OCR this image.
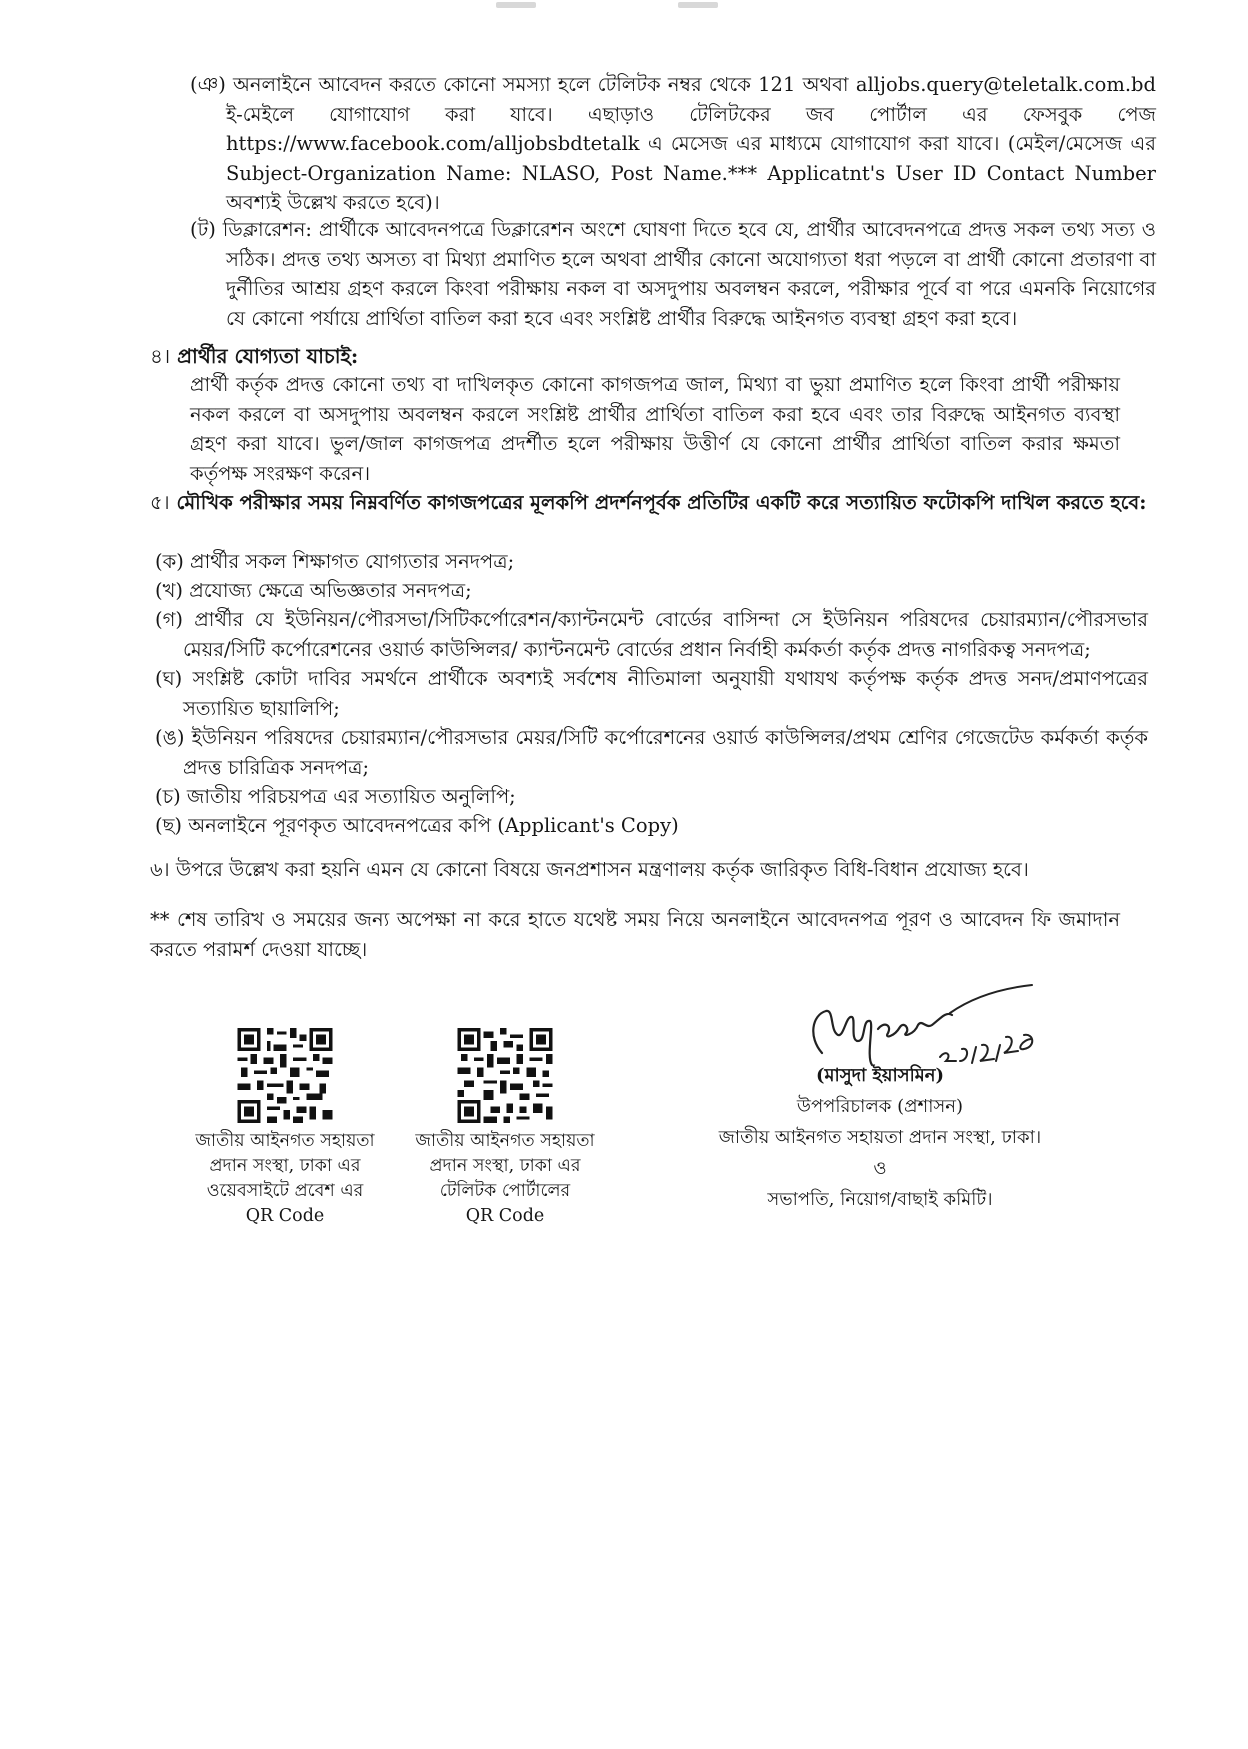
(ঞ) অনলাইনে আবেদন করতে কোনো সমস্যা হলে টেলিটক নম্বর থেকে 121 অথবা alljobs.query@teletalk.com.bd ই-মেইলে যোগাযোগ করা যাবে। এছাড়াও টেলিটকের জব পোর্টাল এর ফেসবুক পেজ https://www.facebook.com/alljobsbdtetalk এ মেসেজ এর মাধ্যমে যোগাযোগ করা যাবে। (মেইল/মেসেজ এর Subject-Organization Name: NLASO, Post Name.*** Applicatnt's User ID Contact Number অবশ্যই উল্লেখ করতে হবে)।

(ট) ডিক্লারেশন: প্রার্থীকে আবেদনপত্রে ডিক্লারেশন অংশে ঘোষণা দিতে হবে যে, প্রার্থীর আবেদনপত্রে প্রদত্ত সকল তথ্য সত্য ও সঠিক। প্রদত্ত তথ্য অসত্য বা মিথ্যা প্রমাণিত হলে অথবা প্রার্থীর কোনো অযোগ্যতা ধরা পড়লে বা প্রার্থী কোনো প্রতারণা বা দুর্নীতির আশ্রয় গ্রহণ করলে কিংবা পরীক্ষায় নকল বা অসদুপায় অবলম্বন করলে, পরীক্ষার পূর্বে বা পরে এমনকি নিয়োগের যে কোনো পর্যায়ে প্রার্থিতা বাতিল করা হবে এবং সংশ্লিষ্ট প্রার্থীর বিরুদ্ধে আইনগত ব্যবস্থা গ্রহণ করা হবে।

৪। প্রার্থীর যোগ্যতা যাচাই:

প্রার্থী কর্তৃক প্রদত্ত কোনো তথ্য বা দাখিলকৃত কোনো কাগজপত্র জাল, মিথ্যা বা ভুয়া প্রমাণিত হলে কিংবা প্রার্থী পরীক্ষায় নকল করলে বা অসদুপায় অবলম্বন করলে সংশ্লিষ্ট প্রার্থীর প্রার্থিতা বাতিল করা হবে এবং তার বিরুদ্ধে আইনগত ব্যবস্থা গ্রহণ করা যাবে। ভুল/জাল কাগজপত্র প্রদর্শীত হলে পরীক্ষায় উত্তীর্ণ যে কোনো প্রার্থীর প্রার্থিতা বাতিল করার ক্ষমতা কর্তৃপক্ষ সংরক্ষণ করেন।

৫। মৌখিক পরীক্ষার সময় নিম্নবর্ণিত কাগজপত্রের মূলকপি প্রদর্শনপূর্বক প্রতিটির একটি করে সত্যায়িত ফটোকপি দাখিল করতে হবে:

(ক) প্রার্থীর সকল শিক্ষাগত যোগ্যতার সনদপত্র;

(খ) প্রযোজ্য ক্ষেত্রে অভিজ্ঞতার সনদপত্র;

(গ) প্রার্থীর যে ইউনিয়ন/পৌরসভা/সিটিকর্পোরেশন/ক্যান্টনমেন্ট বোর্ডের বাসিন্দা সে ইউনিয়ন পরিষদের চেয়ারম্যান/পৌরসভার মেয়র/সিটি কর্পোরেশনের ওয়ার্ড কাউন্সিলর/ ক্যান্টনমেন্ট বোর্ডের প্রধান নির্বাহী কর্মকর্তা কর্তৃক প্রদত্ত নাগরিকত্ব সনদপত্র;

(ঘ) সংশ্লিষ্ট কোটা দাবির সমর্থনে প্রার্থীকে অবশ্যই সর্বশেষ নীতিমালা অনুযায়ী যথাযথ কর্তৃপক্ষ কর্তৃক প্রদত্ত সনদ/প্রমাণপত্রের সত্যায়িত ছায়ালিপি;

(ঙ) ইউনিয়ন পরিষদের চেয়ারম্যান/পৌরসভার মেয়র/সিটি কর্পোরেশনের ওয়ার্ড কাউন্সিলর/প্রথম শ্রেণির গেজেটেড কর্মকর্তা কর্তৃক প্রদত্ত চারিত্রিক সনদপত্র;

(চ) জাতীয় পরিচয়পত্র এর সত্যায়িত অনুলিপি;

(ছ) অনলাইনে পূরণকৃত আবেদনপত্রের কপি (Applicant's Copy)

৬। উপরে উল্লেখ করা হয়নি এমন যে কোনো বিষয়ে জনপ্রশাসন মন্ত্রণালয় কর্তৃক জারিকৃত বিধি-বিধান প্রযোজ্য হবে।

** শেষ তারিখ ও সময়ের জন্য অপেক্ষা না করে হাতে যথেষ্ট সময় নিয়ে অনলাইনে আবেদনপত্র পূরণ ও আবেদন ফি জমাদান করতে পরামর্শ দেওয়া যাচ্ছে।

জাতীয় আইনগত সহায়তা
প্রদান সংস্থা, ঢাকা এর
ওয়েবসাইটে প্রবেশ এর
QR Code
জাতীয় আইনগত সহায়তা
প্রদান সংস্থা, ঢাকা এর
টেলিটক পোর্টালের
QR Code
(মাসুদা ইয়াসমিন)
উপপরিচালক (প্রশাসন)
জাতীয় আইনগত সহায়তা প্রদান সংস্থা, ঢাকা।
ও
সভাপতি, নিয়োগ/বাছাই কমিটি।
